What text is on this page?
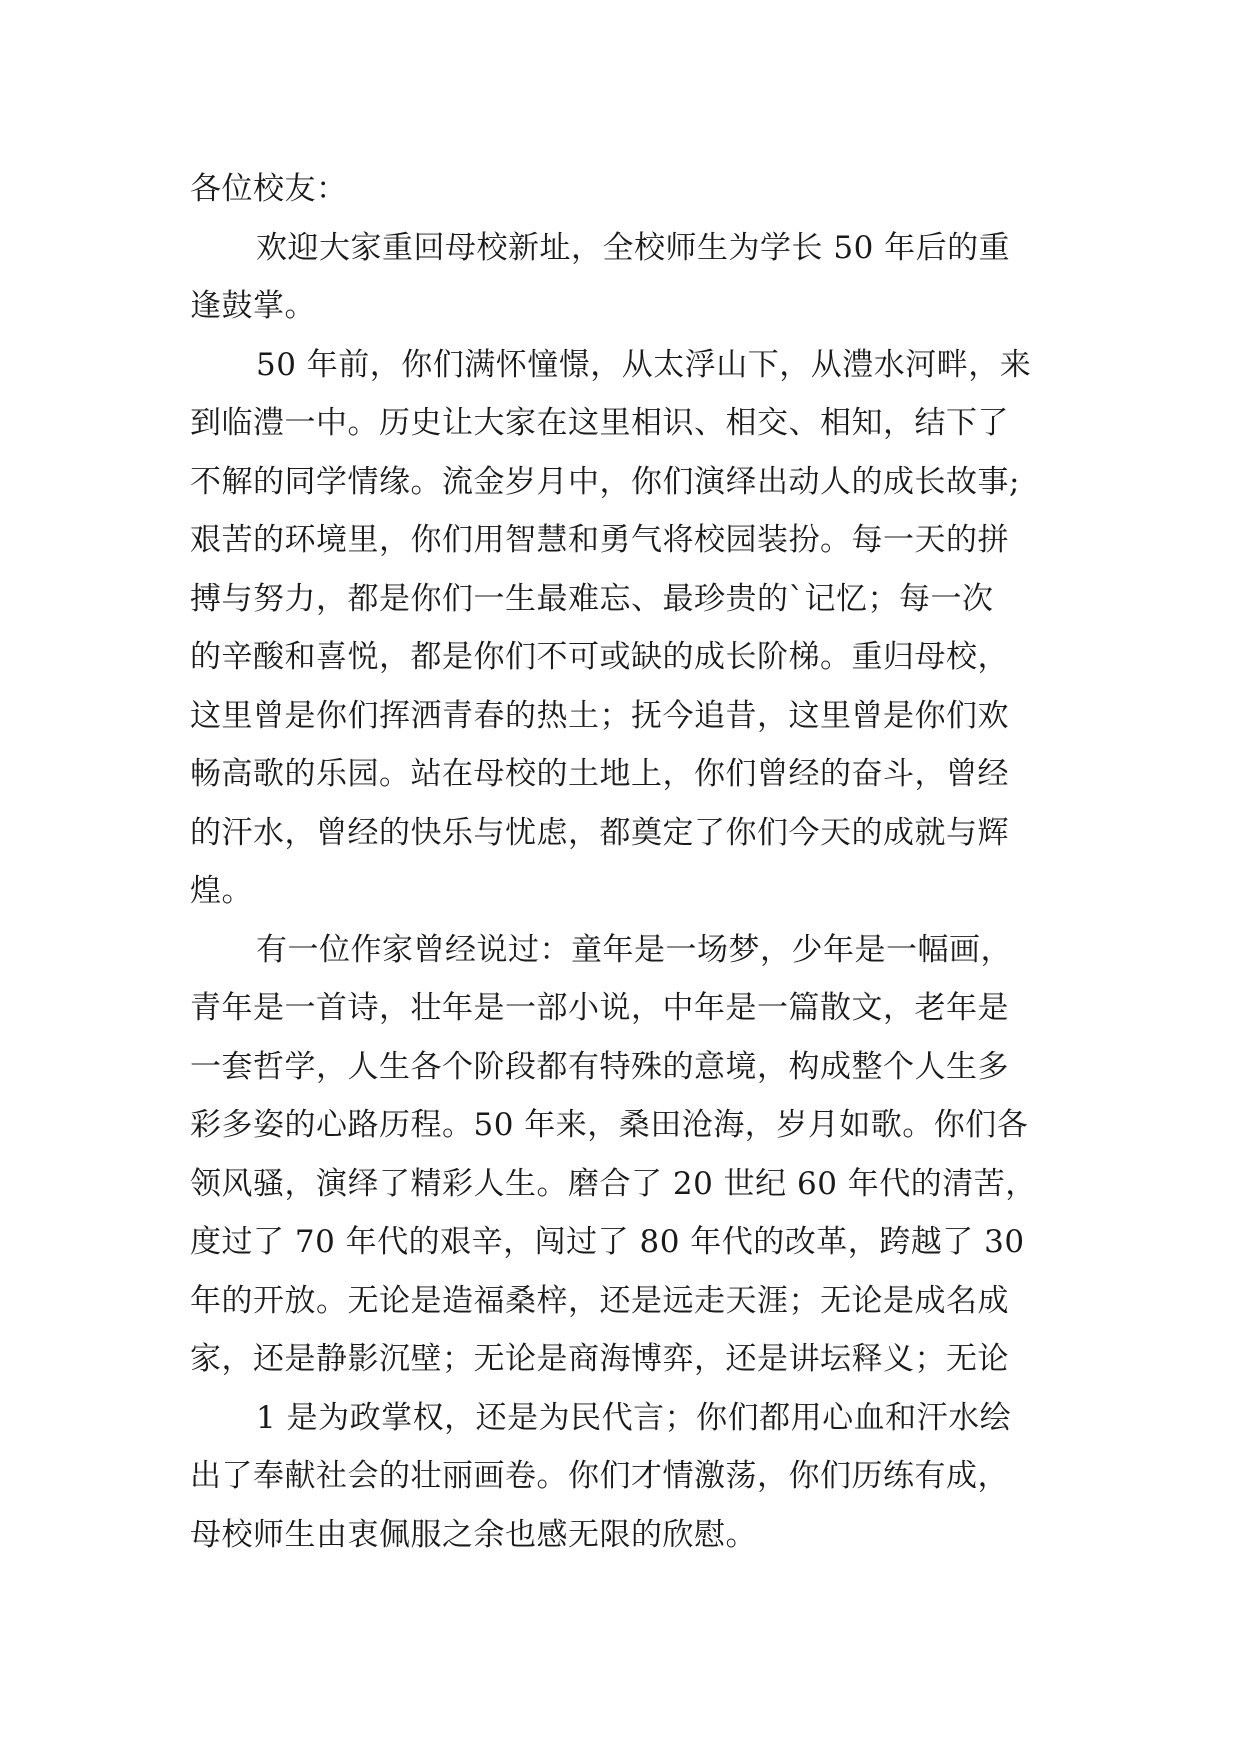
各位校友：
欢迎大家重回母校新址，全校师生为学长 50 年后的重
逢鼓掌。
50 年前，你们满怀憧憬，从太浮山下，从澧水河畔，来
到临澧一中。历史让大家在这里相识、相交、相知，结下了
不解的同学情缘。流金岁月中，你们演绎出动人的成长故事;
艰苦的环境里，你们用智慧和勇气将校园装扮。每一天的拼
搏与努力，都是你们一生最难忘、最珍贵的`记忆；每一次
的辛酸和喜悦，都是你们不可或缺的成长阶梯。重归母校，
这里曾是你们挥洒青春的热土；抚今追昔，这里曾是你们欢
畅高歌的乐园。站在母校的土地上，你们曾经的奋斗，曾经
的汗水，曾经的快乐与忧虑，都奠定了你们今天的成就与辉
煌。
有一位作家曾经说过：童年是一场梦，少年是一幅画，
青年是一首诗，壮年是一部小说，中年是一篇散文，老年是
一套哲学，人生各个阶段都有特殊的意境，构成整个人生多
彩多姿的心路历程。50 年来，桑田沧海，岁月如歌。你们各
领风骚，演绎了精彩人生。磨合了 20 世纪 60 年代的清苦，
度过了 70 年代的艰辛，闯过了 80 年代的改革，跨越了 30
年的开放。无论是造福桑梓，还是远走天涯；无论是成名成
家，还是静影沉壁；无论是商海博弈，还是讲坛释义；无论
1 是为政掌权，还是为民代言；你们都用心血和汗水绘
出了奉献社会的壮丽画卷。你们才情激荡，你们历练有成，
母校师生由衷佩服之余也感无限的欣慰。
